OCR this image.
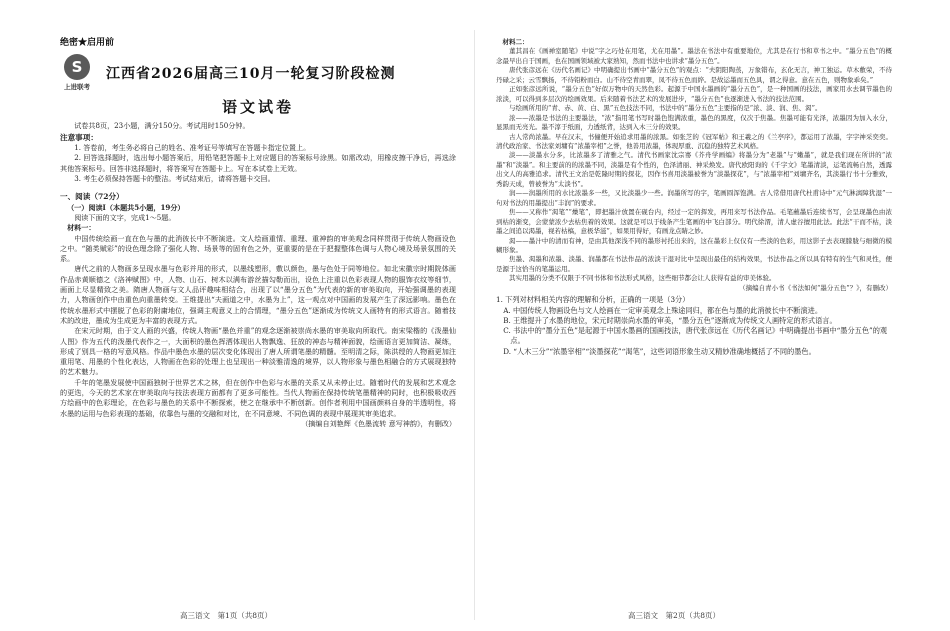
绝密★启用前
S
上进联考
江西省2026届高三10月一轮复习阶段检测
语文试卷

试卷共8页，23小题，满分150分。考试用时150分钟。

注意事项：

1. 答卷前，考生务必将自己的姓名、准考证号等填写在答题卡指定位置上。

2. 回答选择题时，选出每小题答案后，用铅笔把答题卡上对应题目的答案标号涂黑。如需改动，用橡皮擦干净后，再选涂其他答案标号。回答非选择题时，将答案写在答题卡上。写在本试卷上无效。

3. 考生必须保持答题卡的整洁。考试结束后，请将答题卡交回。

一、阅读（72分）
（一）阅读Ⅰ（本题共5小题，19分）

阅读下面的文字，完成1～5题。

材料一：

中国传统绘画一直在色与墨的此消彼长中不断演进。文人绘画重情、重理、重神韵的审美观念同样贯彻于传统人物画设色之中。“随类赋彩”的设色理念除了强化人物、场景等的固有色之外，更重要的是在于把握整体色调与人物心境及场景氛围的关系。

唐代之前的人物画多呈现水墨与色彩并用的形式，以墨线塑形，敷以颜色，墨与色处于同等地位。如北宋徽宗时期院体画作品赤黄顺德之《洛神赋图》中，人物、山石、树木以满布游丝描勾勒而出，设色上注重以色彩表现人物的服饰衣纹等细节，画面上尽显精致之美。隋唐人物画与文人品评趣味相结合，出现了以“墨分五色”为代表的新的审美取向，开始强调墨的表现力，人物画创作中由重色向重墨转变。王维提出“夫画道之中，水墨为上”，这一观点对中国画的发展产生了深远影响。墨色在传统水墨形式中摆脱了色彩的附庸地位，强调主观意义上的合情理，“墨分五色”逐渐成为传统文人画特有的形式语言。随着技术的改进，墨成为生成更为丰富的表现方式。

在宋元时期，由于文人画的兴盛，传统人物画“墨色并重”的观念逐渐被崇尚水墨的审美取向所取代。南宋梁楷的《泼墨仙人图》作为五代的泼墨代表作之一，大面积的墨色挥洒体现出人物飘逸、狂放的神态与精神面貌，绘画语言更加简洁、凝练，形成了别具一格的写意风格。作品中墨色水墨的层次变化体现出了唐人所谓笔墨的精髓。至明清之际，陈洪绶的人物画更加注重用笔、用墨的个性化表达，人物画在色彩的处理上也呈现出一种淡雅清逸的境界，以人物形象与墨色相融合的方式展现独特的艺术魅力。

千年的笔墨发展使中国画独树于世界艺术之林，但在创作中色彩与水墨的关系又从未停止过。随着时代的发展和艺术观念的更迭，今天的艺术家在审美取向与技法表现方面都有了更多可能性。当代人物画在保持传统笔墨精神的同时，也积极吸收西方绘画中的色彩理论，在色彩与墨色的关系中不断探索，使之在继承中不断创新。创作者利用中国画颜料自身的半透明性，将水墨的运用与色彩表现的基础，依靠色与墨的交融和对比，在不同意境、不同色调的表现中展现其审美追求。

（摘编自刘艳辉《色墨流转 意写神韵》，有删改）
材料二：

董其昌在《画禅室随笔》中说“字之巧处在用笔，尤在用墨”。墨法在书法中有重要地位，尤其是在行书和草书之中。“墨分五色”的概念最早出自于国画，也在国画领域被大家熟知，然而书法中也讲求“墨分五色”。

唐代张彦远在《历代名画记》中明确提出书画中“墨分五色”的观点：“夫阴阳陶蒸，万象错布，玄化无言，神工独运。草木敷荣，不待丹碌之采；云雪飘扬，不待铅粉而白。山不待空青而翠，凤不待五色而綷。是故运墨而五色具，谓之得意。意在五色，则物象乖矣。”

正如张彦远所说，“墨分五色”好似万物中的天然色彩。起源于中国水墨画的“墨分五色”，是一种国画的技法，画家用水去调节墨色的浓淡，可以得到多层次的绘画效果。后来随着书法艺术的发展进步，“墨分五色”也逐渐进入书法的技法范围。

与绘画所用的“青、赤、黄、白、黑”五色技法不同，书法中的“墨分五色”主要指的是“浓、淡、润、焦、渴”。

浓——浓墨是书法的主要墨法，“浓”指用笔书写时墨色饱满浓重，墨色的黑度，仅次于焦墨。焦墨可能有光泽，浓墨因为加入水分，显黑而无亮光。墨不淳于纸面，力透纸背，达到入木三分的效果。

古人常尚浓墨。早在汉末，书僮便开始追求用墨的浓黑。如张芝的《冠军帖》和王羲之的《兰亭序》，都运用了浓墨，字字神采奕奕。清代政治家、书法家刘墉有“浓墨宰相”之誉，他善用浓墨，体现厚重、沉稳的独特艺术风格。

淡——淡墨水分多，比浓墨多了清雅之气。清代书画家沈宗骞《芥舟学画编》将墨分为“老墨”与“嫩墨”，就是我们现在所讲的“浓墨”和“淡墨”。和主要前的的浓墨不同，淡墨是有个性的，色泽清丽、神采焕发。唐代欧阳询的《千字文》笔墨清淡，运笔流畅自然，透露出文人的高雅追求。清代王文治是乾隆时期的探花，因作书喜用淡墨被誉为“淡墨探花”，与“浓墨宰相”刘墉齐名，其淡墨行书十分雅致，秀韵天成，曾被誉为“太淡书”。

润——润墨所用的水比浓墨多一些，又比淡墨少一些。润墨所写的字，笔画圆浑饱满。古人常借用唐代杜甫诗中“元气淋漓障犹湿”一句对书法的用墨提出“丰润”的要求。

焦——又称作“渴笔”“燥笔”，即把墨汁放置在砚台内，经过一定的挥发，再用来写书法作品。毛笔蘸墨后连续书写，会呈现墨色由浓到枯的渐变，会蒙蒙浓少去枯焦着的效果。这就是可以于线条产生笔画的中飞白部分。明代徐渭，清人虚谷擅用此法。此法“干而不枯，淡墨之间追以渴墨，视若枯槁，意极华滋”，如果用得好，有画龙点睛之妙。

渴——墨汁中的清而有神，是由其他深浅不同的墨形衬托出来的，这在墨彩上仅仅有一些淡的色彩，用这影子去表现朦胧与细微的模糊形象。

焦墨、渴墨和浓墨、淡墨、润墨都在书法作品的浓淡干湿对比中呈现出最佳的结构效果，书法作品之所以具有特有的生气和灵性，便是源于这恰当的笔墨运用。

其实用墨的分类不仅限于不同书体和书法形式风格，这些细节都会让人获得有益的审美体验。

（摘编自青小书《书法如何“墨分五色”？》，有删改）

1. 下列对材料相关内容的理解和分析，正确的一项是（3分）

A. 中国传统人物画设色与文人绘画在一定审美观念上殊途同归，都在色与墨的此消彼长中不断演进。

B. 王维提升了水墨的地位，宋元时期崇尚水墨的审美，“墨分五色”逐渐成为传统文人画特定的形式语言。

C. 书法中的“墨分五色”是起源于中国水墨画的国画技法，唐代张彦远在《历代名画记》中明确提出书画中“墨分五色”的观点。

D. “人木三分”“浓墨宰相”“淡墨探花”“渴笔”，这些词语形象生动又精妙准确地概括了不同的墨色。

高三语文　第1页（共8页）	高三语文　第2页（共8页）
